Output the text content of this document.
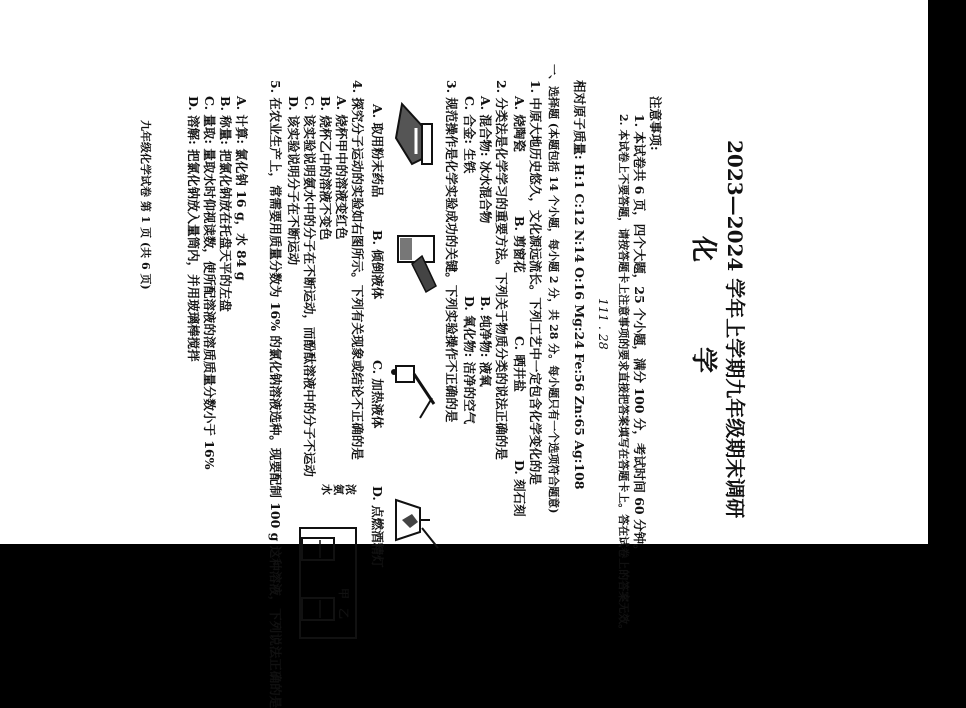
2023—2024 学年上学期九年级期末调研
化 学
注意事项:
1. 本试卷共 6 页，四个大题，25 个小题，满分 100 分，考试时间 60 分钟。
2. 本试卷上不要答题，请按答题卡上注意事项的要求直接把答案填写在答题卡上。答在试卷上的答案无效。
111 . 28
相对原子质量: H:1 C:12 N:14 O:16 Mg:24 Fe:56 Zn:65 Ag:108
一、选择题 (本题包括 14 个小题，每小题 2 分，共 28 分。每小题只有一个选项符合题意)
1. 中原大地历史悠久，文化源远流长。下列工艺中一定包含化学变化的是
A. 烧陶瓷
B. 剪窗花
C. 晒井盐
D. 刻石刻
2. 分类法是化学学习的重要方法。下列关于物质分类的说法正确的是
A. 混合物: 冰水混合物
B. 纯净物: 液氧
C. 合金: 生铁
D. 氧化物: 洁净的空气
3. 规范操作是化学实验成功的关键。下列实验操作不正确的是
A. 取用粉末药品
B. 倾倒液体
C. 加热液体
D. 点燃酒精灯
4. 探究分子运动的实验如右图所示。下列有关现象或结论不正确的是
A. 烧杯甲中的溶液变红色
B. 烧杯乙中的溶液不变色
C. 该实验说明氨水中的分子在不断运动，而酚酞溶液中的分子不运动
D. 该实验说明分子在不断运动
浓氨水
甲
乙
5. 在农业生产上，常需要用质量分数为 16% 的氯化钠溶液选种。现要配制 100 g 这种溶液，下列说法正确的是
A. 计算: 氯化钠 16 g，水 84 g
B. 称量: 把氯化钠放在托盘天平的左盘
C. 量取: 量取水时仰视读数，使所配溶液的溶质质量分数小于 16%
D. 溶解: 把氯化钠放入量筒内，并用玻璃棒搅拌
九年级化学试卷 第 1 页 (共 6 页)
